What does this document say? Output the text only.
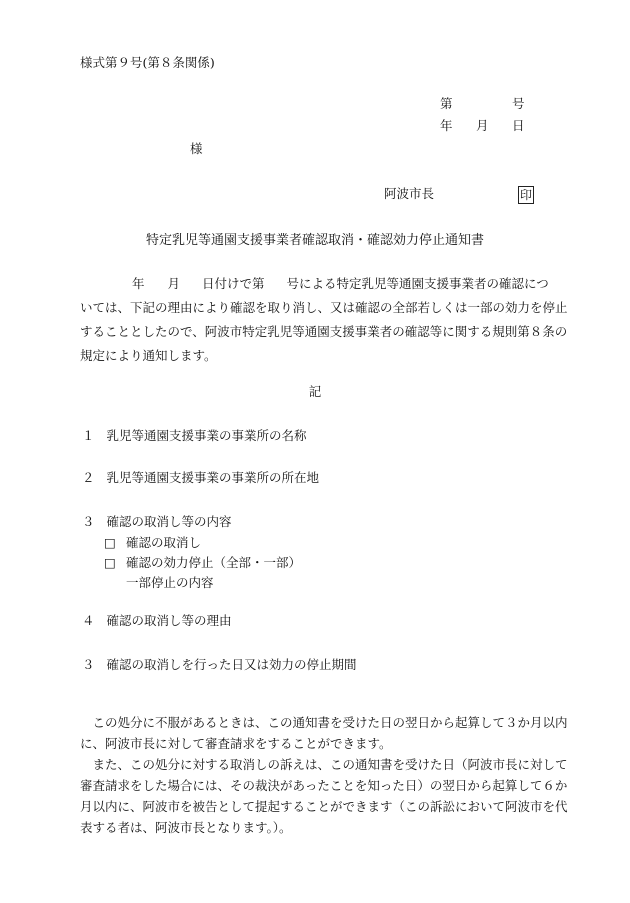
様式第９号(第８条関係)
第	号
年 月 日
様
阿波市長	印
特定乳児等通園支援事業者確認取消・確認効力停止通知書

年 月 日付けで第 号による特定乳児等通園支援事業者の確認につ

いては、下記の理由により確認を取り消し、又は確認の全部若しくは一部の効力を停止

することとしたので、阿波市特定乳児等通園支援事業者の確認等に関する規則第８条の

規定により通知します。

記
１ 乳児等通園支援事業の事業所の名称
２ 乳児等通園支援事業の事業所の所在地
３ 確認の取消し等の内容
□ 確認の取消し
□ 確認の効力停止（全部・一部）
一部停止の内容
４ 確認の取消し等の理由
３ 確認の取消しを行った日又は効力の停止期間

この処分に不服があるときは、この通知書を受けた日の翌日から起算して３か月以内

に、阿波市長に対して審査請求をすることができます。

また、この処分に対する取消しの訴えは、この通知書を受けた日（阿波市長に対して

審査請求をした場合には、その裁決があったことを知った日）の翌日から起算して６か

月以内に、阿波市を被告として提起することができます（この訴訟において阿波市を代

表する者は、阿波市長となります。）。
